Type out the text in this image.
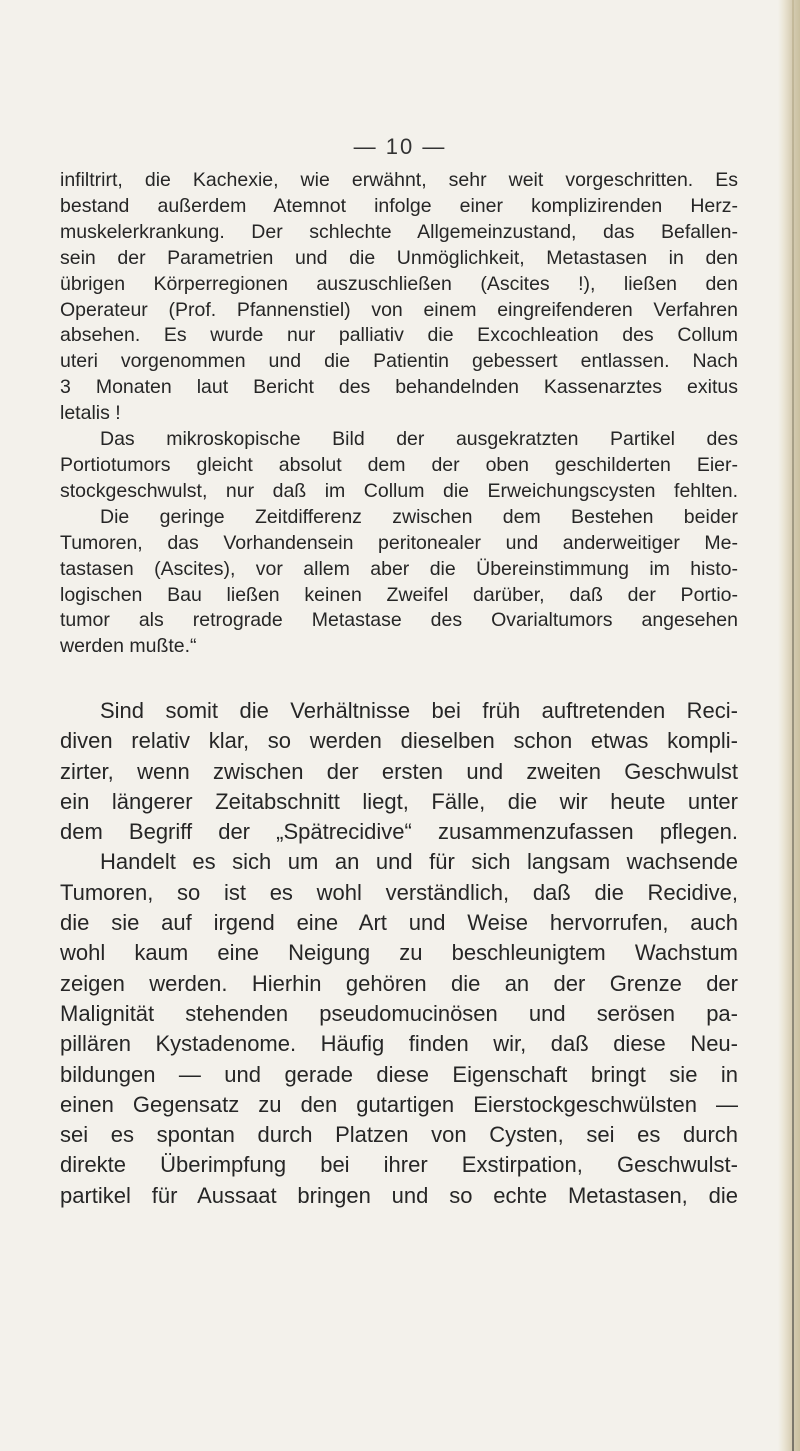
— 10 —
infiltrirt, die Kachexie, wie erwähnt, sehr weit vorgeschritten. Es
bestand außerdem Atemnot infolge einer komplizirenden Herz-
muskelerkrankung. Der schlechte Allgemeinzustand, das Befallen-
sein der Parametrien und die Unmöglichkeit, Metastasen in den
übrigen Körperregionen auszuschließen (Ascites !), ließen den
Operateur (Prof. Pfannenstiel) von einem eingreifenderen Verfahren
absehen. Es wurde nur palliativ die Excochleation des Collum
uteri vorgenommen und die Patientin gebessert entlassen. Nach
3 Monaten laut Bericht des behandelnden Kassenarztes exitus
letalis !
Das mikroskopische Bild der ausgekratzten Partikel des
Portiotumors gleicht absolut dem der oben geschilderten Eier-
stockgeschwulst, nur daß im Collum die Erweichungscysten fehlten.
Die geringe Zeitdifferenz zwischen dem Bestehen beider
Tumoren, das Vorhandensein peritonealer und anderweitiger Me-
tastasen (Ascites), vor allem aber die Übereinstimmung im histo-
logischen Bau ließen keinen Zweifel darüber, daß der Portio-
tumor als retrograde Metastase des Ovarialtumors angesehen
werden mußte.“
Sind somit die Verhältnisse bei früh auftretenden Reci-
diven relativ klar, so werden dieselben schon etwas kompli-
zirter, wenn zwischen der ersten und zweiten Geschwulst
ein längerer Zeitabschnitt liegt, Fälle, die wir heute unter
dem Begriff der „Spätrecidive“ zusammenzufassen pflegen.
Handelt es sich um an und für sich langsam wachsende
Tumoren, so ist es wohl verständlich, daß die Recidive,
die sie auf irgend eine Art und Weise hervorrufen, auch
wohl kaum eine Neigung zu beschleunigtem Wachstum
zeigen werden. Hierhin gehören die an der Grenze der
Malignität stehenden pseudomucinösen und serösen pa-
pillären Kystadenome. Häufig finden wir, daß diese Neu-
bildungen — und gerade diese Eigenschaft bringt sie in
einen Gegensatz zu den gutartigen Eierstockgeschwülsten —
sei es spontan durch Platzen von Cysten, sei es durch
direkte Überimpfung bei ihrer Exstirpation, Geschwulst-
partikel für Aussaat bringen und so echte Metastasen, die
